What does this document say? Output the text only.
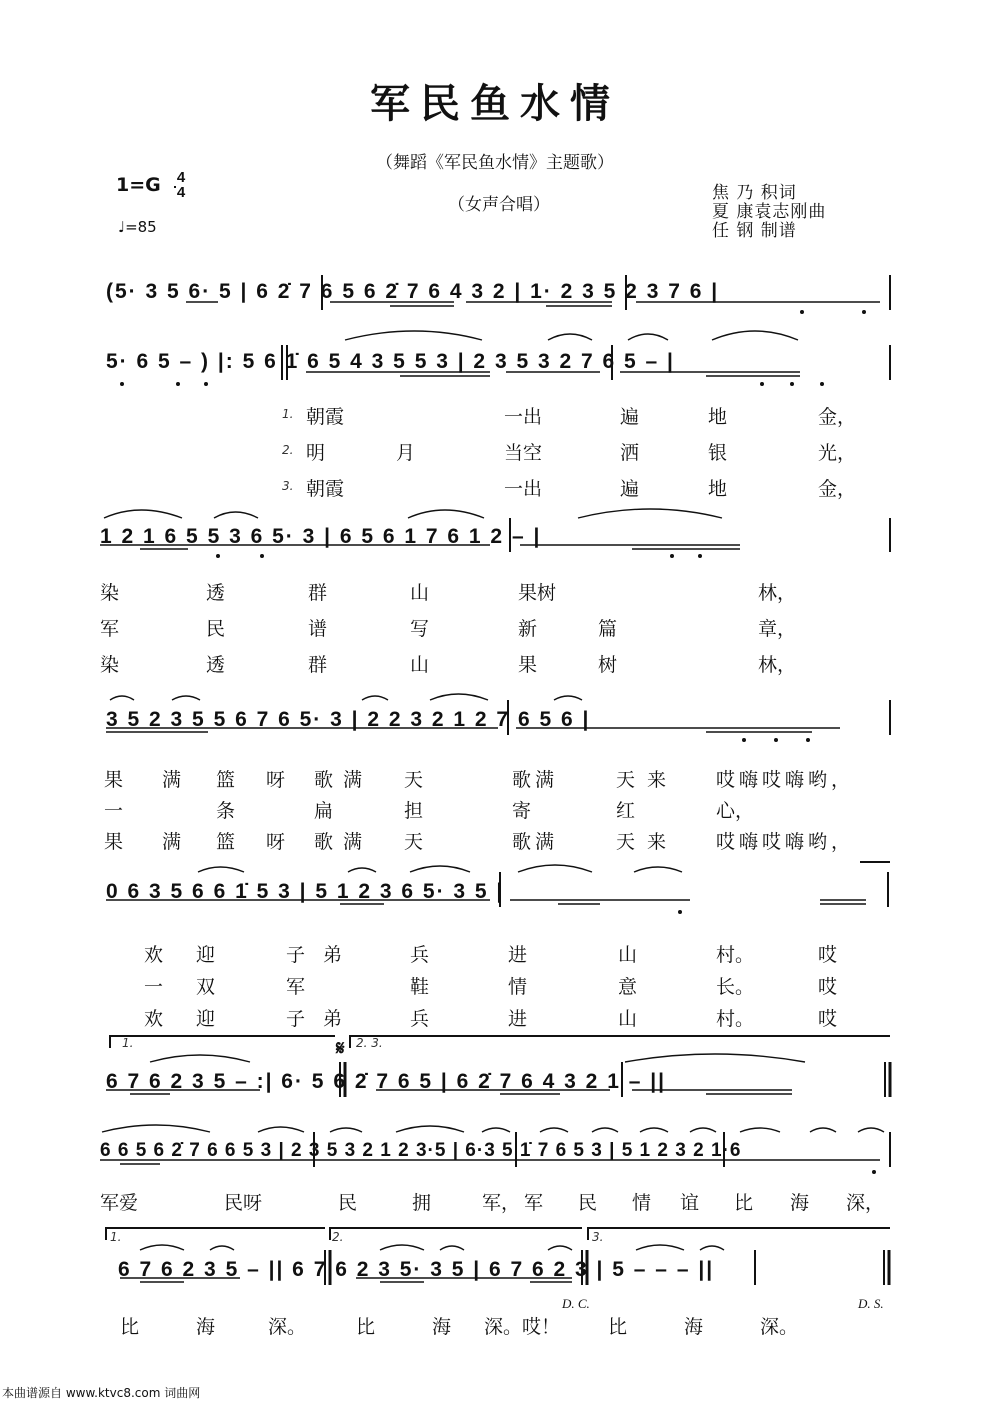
军民鱼水情
（舞蹈《军民鱼水情》主题歌）
（女声合唱）
1=G 4
4
♩=85
焦 乃 积词
夏 康袁志刚曲
任 钢 制谱
(5· 3 5 6· 5 | 6 2̇ 7 6 5 6 2̇ 7 6 4 3 2 | 1· 2 3 5 2 3 7 6 |
5· 6 5 – ) |: 5 6 1̇ 6 5 4 3 5 5 3 | 2 3 5 3 2 7 6 5 – |
1 2 1 6 5 5 3 6 5· 3 | 6 5 6 1 7 6 1 2 – |
3 5 2 3 5 5 6 7 6 5· 3 | 2 2 3 2 1 2 7 6 5 6 |
0 6 3 5 6 6 1̇ 5 3 | 5 1 2 3 6 5· 3 5 |
6 7 6 2 3 5 – :| 6· 5 6 2̇ 7 6 5 | 6 2̇ 7 6 4 3 2 1 – ||
6 6 5 6 2̇ 7 6 6 5 3 | 2 3 5 3 2 1 2 3·5 | 6·3 5 1̇ 7 6 5 3 | 5 1 2 3 2 1·6
6 7 6 2 3 5 – || 6 7 6 2 3 5· 3 5 | 6 7 6 2 3 | 5 – – – ||
1. 朝霞	一出	遍	地	金，
2. 明	月	当空	洒	银	光，
3. 朝霞	一出	遍	地	金，
染	透	群	山	果树	林，
军	民	谱	写	新	篇	章，
染	透	群	山	果	树	林，
果 满 篮 呀 歌满 天	歌满	天来 哎嗨哎嗨哟，
一	条	扁	担	寄	红	心，
果 满 篮 呀 歌满 天	歌满	天来 哎嗨哎嗨哟，
欢 迎	子弟	兵	进	山	村。	哎
一 双	军	鞋	情	意	长。	哎
欢 迎	子弟	兵	进	山	村。	哎
军爱	民呀	民	拥	军， 军 民 情 谊 比 海 深，
比	海	深。	比	海 深。哎！	比	海	深。
1.	2. 3.
1.	2.	3.
𝄋
D. C.	D. S.
本曲谱源自 www.ktvc8.com 词曲网
